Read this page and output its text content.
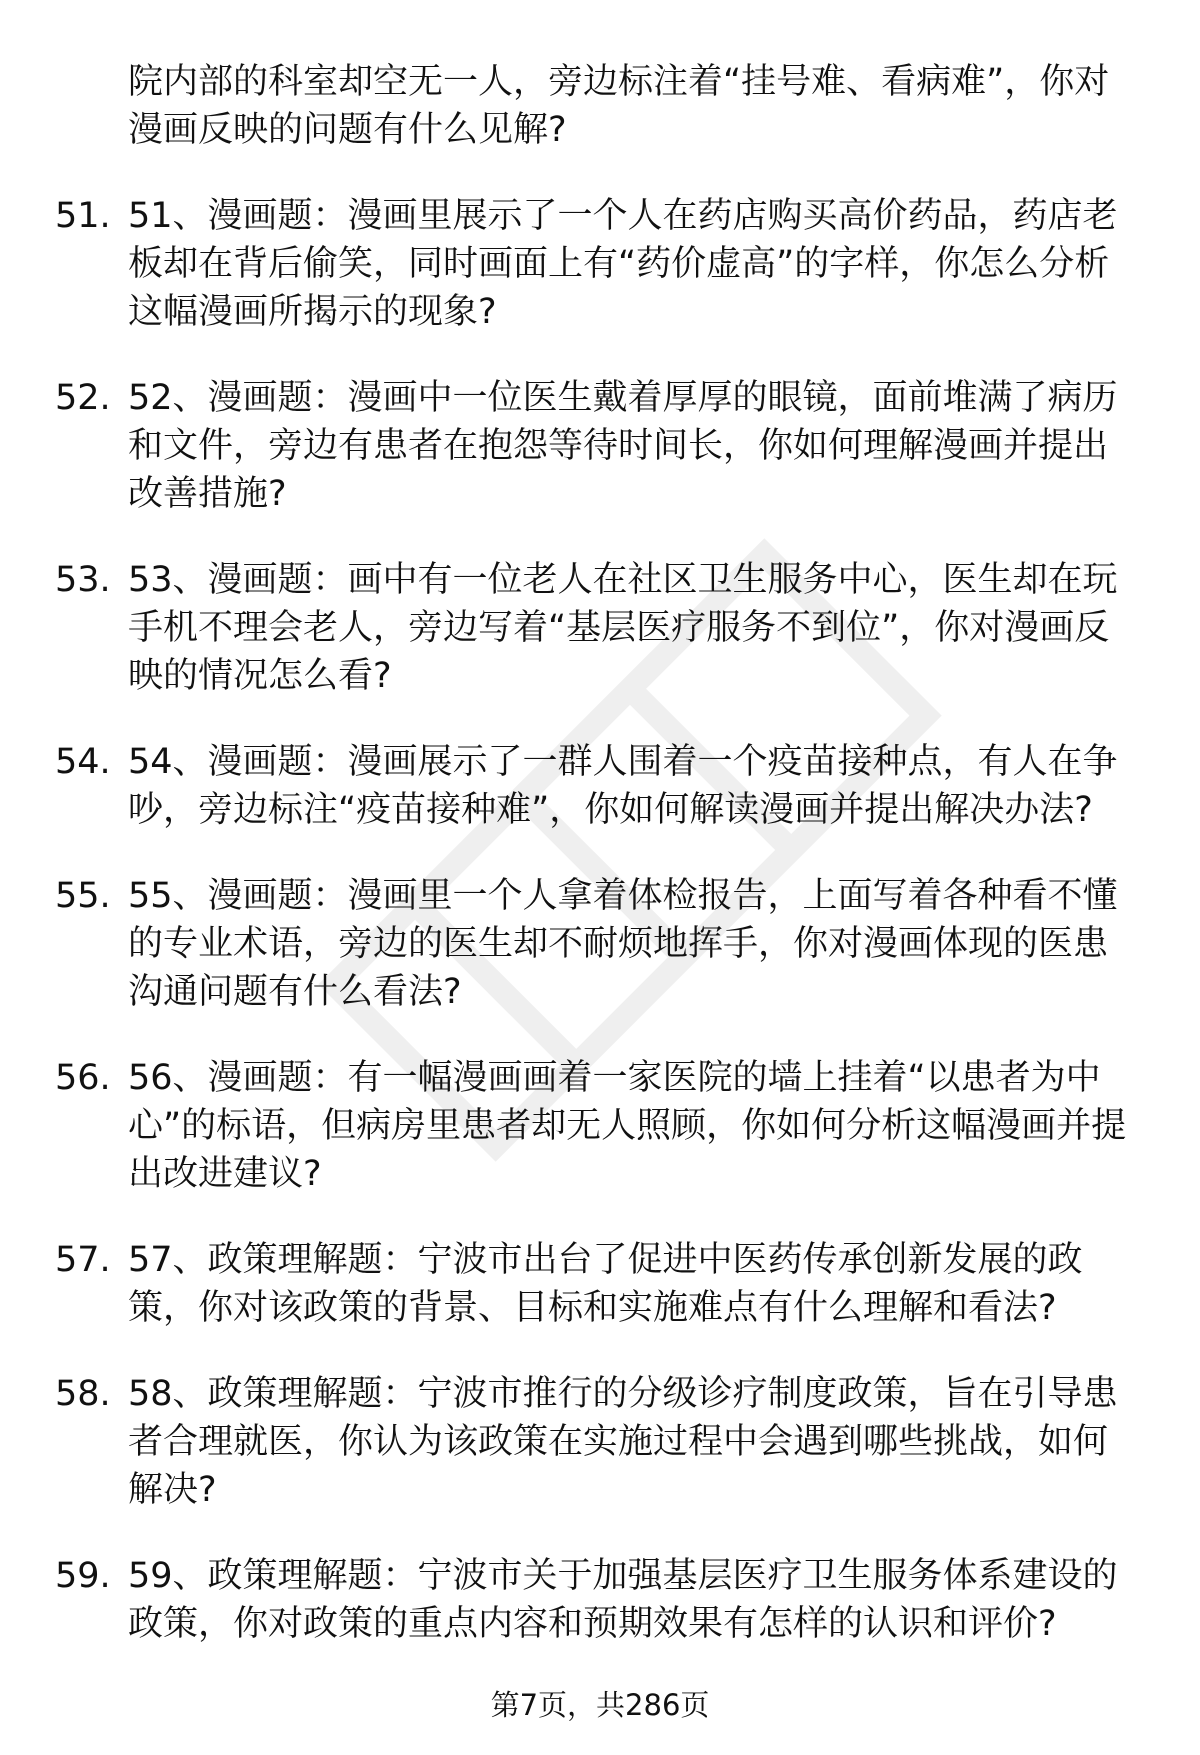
院内部的科室却空无一人，旁边标注着“挂号难、看病难”，你对漫画反映的问题有什么见解?
51. 51、漫画题：漫画里展示了一个人在药店购买高价药品，药店老板却在背后偷笑，同时画面上有“药价虚高”的字样，你怎么分析这幅漫画所揭示的现象?
52. 52、漫画题：漫画中一位医生戴着厚厚的眼镜，面前堆满了病历和文件，旁边有患者在抱怨等待时间长，你如何理解漫画并提出改善措施?
53. 53、漫画题：画中有一位老人在社区卫生服务中心，医生却在玩手机不理会老人，旁边写着“基层医疗服务不到位”，你对漫画反映的情况怎么看?
54. 54、漫画题：漫画展示了一群人围着一个疫苗接种点，有人在争吵，旁边标注“疫苗接种难”，你如何解读漫画并提出解决办法?
55. 55、漫画题：漫画里一个人拿着体检报告，上面写着各种看不懂的专业术语，旁边的医生却不耐烦地挥手，你对漫画体现的医患沟通问题有什么看法?
56. 56、漫画题：有一幅漫画画着一家医院的墙上挂着“以患者为中心”的标语，但病房里患者却无人照顾，你如何分析这幅漫画并提出改进建议?
57. 57、政策理解题：宁波市出台了促进中医药传承创新发展的政策，你对该政策的背景、目标和实施难点有什么理解和看法?
58. 58、政策理解题：宁波市推行的分级诊疗制度政策，旨在引导患者合理就医，你认为该政策在实施过程中会遇到哪些挑战，如何解决?
59. 59、政策理解题：宁波市关于加强基层医疗卫生服务体系建设的政策，你对政策的重点内容和预期效果有怎样的认识和评价?
第7页，共286页
